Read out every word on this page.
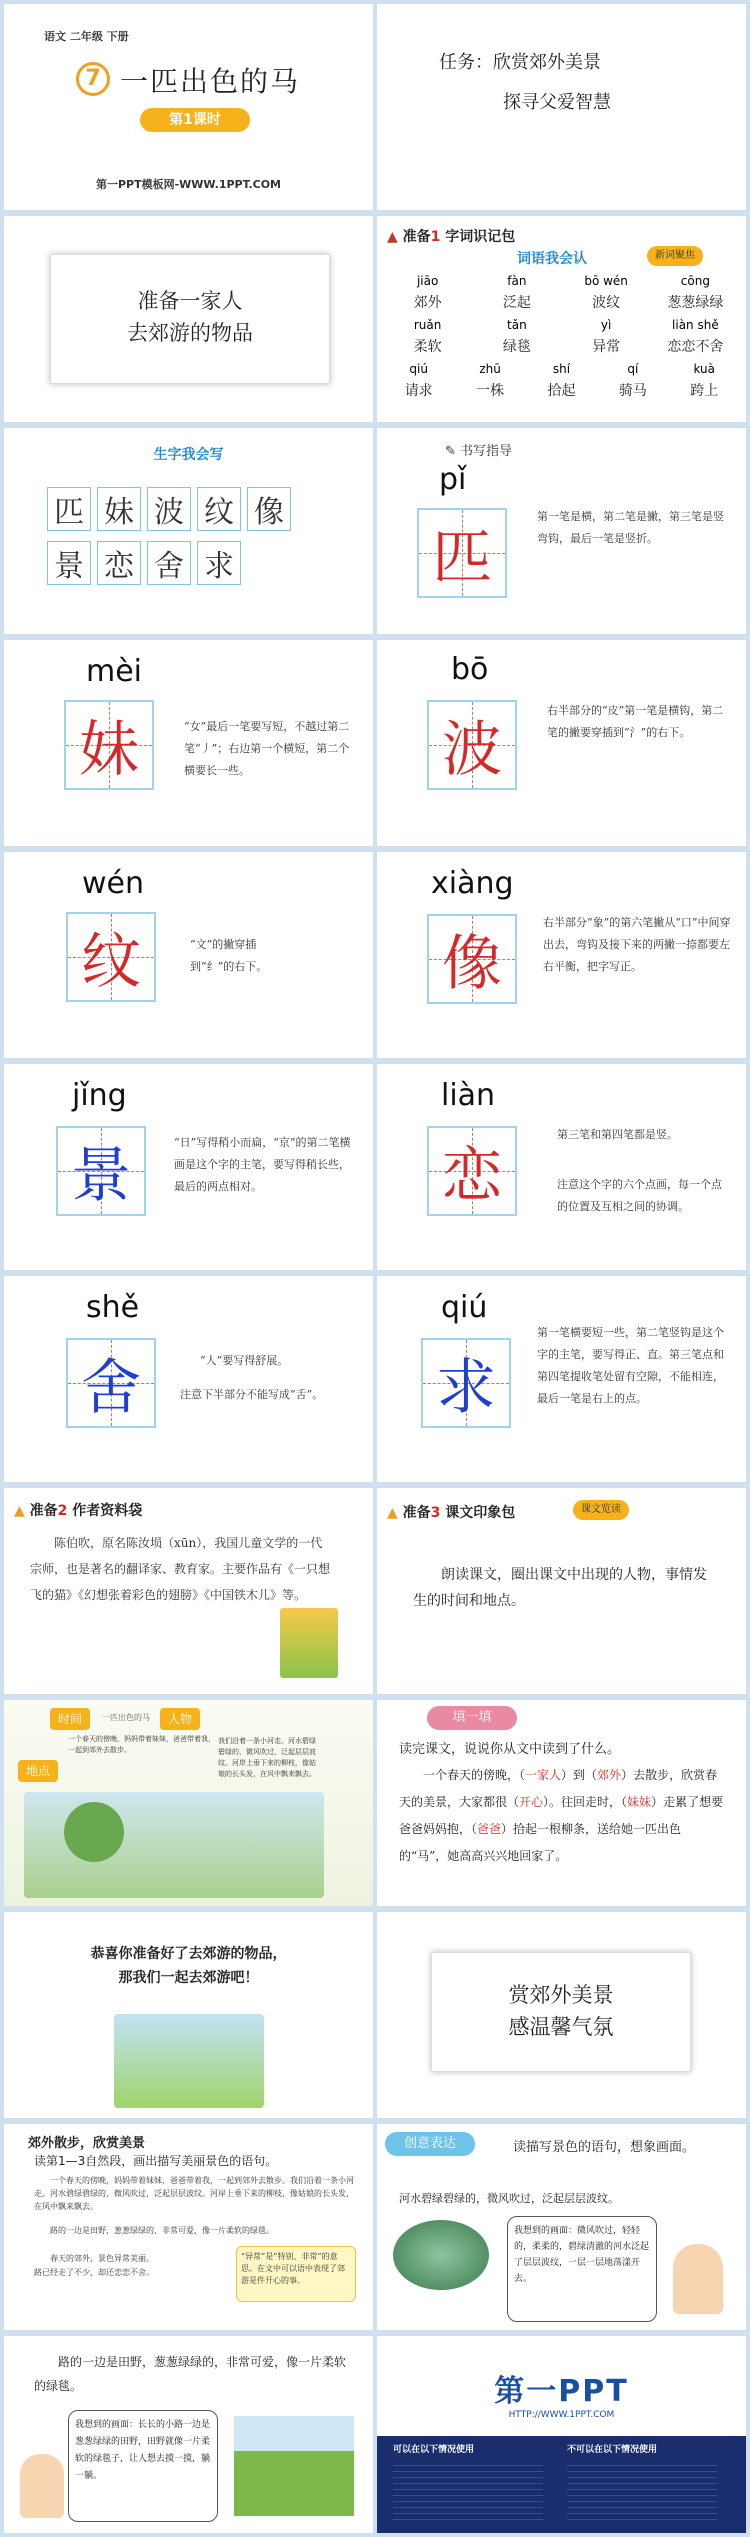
语文 二年级 下册
7 一匹出色的马
第1课时
第一PPT模板网-WWW.1PPT.COM
任务：欣赏郊外美景
探寻父爱智慧
准备一家人
去郊游的物品
▲ 准备1 字词识记包
词语我会认	新词聚焦
jiāo	fàn	bō wén	cōng
郊外	泛起	波纹	葱葱绿绿
ruǎn	tǎn	yì	liàn shě
柔软	绿毯	异常	恋恋不舍
qiú	zhū	shí	qí	kuà
请求	一株	拾起	骑马	跨上
生字我会写
匹 妹 波 纹 像
景 恋 舍 求
✎ 书写指导
pǐ
匹
第一笔是横，第二笔是撇，第三笔是竖弯钩，最后一笔是竖折。
mèi
妹	“女”最后一笔要写短，不越过第二笔“丿”；右边第一个横短，第二个横要长一些。
bō
波
右半部分的“皮”第一笔是横钩，第二笔的撇要穿插到“氵”的右下。
wén
纹	“文”的撇穿插到“纟”的右下。
xiàng
像
右半部分“象”的第六笔撇从“口”中间穿出去，弯钩及接下来的两撇一捺都要左右平衡，把字写正。
jǐng
景	“日”写得稍小而扁，“京”的第二笔横画是这个字的主笔，要写得稍长些，最后的两点相对。
liàn
恋
第三笔和第四笔都是竖。
注意这个字的六个点画，每一个点的位置及互相之间的协调。
shě
舍	“人”要写得舒展。
注意下半部分不能写成“舌”。
qiú
求
第一笔横要短一些，第二笔竖钩是这个字的主笔，要写得正、直。第三笔点和第四笔提收笔处留有空隙，不能相连，最后一笔是右上的点。
▲ 准备2 作者资料袋
陈伯吹，原名陈汝埙（xūn），我国儿童文学的一代宗师，也是著名的翻译家、教育家。主要作品有《一只想飞的猫》《幻想张着彩色的翅膀》《中国铁木儿》等。
▲ 准备3 课文印象包	课文览读
朗读课文，圈出课文中出现的人物，事情发生的时间和地点。
时间	一匹出色的马	人物
地点
一个春天的傍晚，妈妈带着妹妹，爸爸带着我，一起到郊外去散步。
我们沿着一条小河走。河水碧绿碧绿的，微风吹过，泛起层层波纹。河岸上垂下来的柳枝，像姑娘的长头发，在风中飘来飘去。
填一填
读完课文，说说你从文中读到了什么。
一个春天的傍晚，（一家人）到（郊外）去散步，欣赏春天的美景，大家都很（开心）。往回走时，（妹妹）走累了想要爸爸妈妈抱，（爸爸）拾起一根柳条，送给她一匹出色的“马”，她高高兴兴地回家了。
恭喜你准备好了去郊游的物品，
那我们一起去郊游吧！
赏郊外美景
感温馨气氛
郊外散步，欣赏美景
读第1—3自然段，画出描写美丽景色的语句。
一个春天的傍晚，妈妈带着妹妹，爸爸带着我，一起到郊外去散步。我们沿着一条小河走。河水碧绿碧绿的，微风吹过，泛起层层波纹。河岸上垂下来的柳枝，像姑娘的长头发，在风中飘来飘去。
路的一边是田野，葱葱绿绿的，非常可爱，像一片柔软的绿毯。
春天的郊外，景色异常美丽。
路已经走了不少，却还恋恋不舍。
“异常”是“特别、非常”的意思。在文中可以语中表现了郊游是件开心的事。
创意表达	读描写景色的语句，想象画面。
河水碧绿碧绿的，微风吹过，泛起层层波纹。
我想到的画面：微风吹过，轻轻的，柔柔的，碧绿清澈的河水泛起了层层波纹，一层一层地荡漾开去。
路的一边是田野，葱葱绿绿的，非常可爱，像一片柔软的绿毯。
我想到的画面：长长的小路一边是葱葱绿绿的田野，田野就像一片柔软的绿毯子，让人想去摸一摸，躺一躺。
第一PPT
HTTP://WWW.1PPT.COM
可以在以下情况使用	不可以在以下情况使用
